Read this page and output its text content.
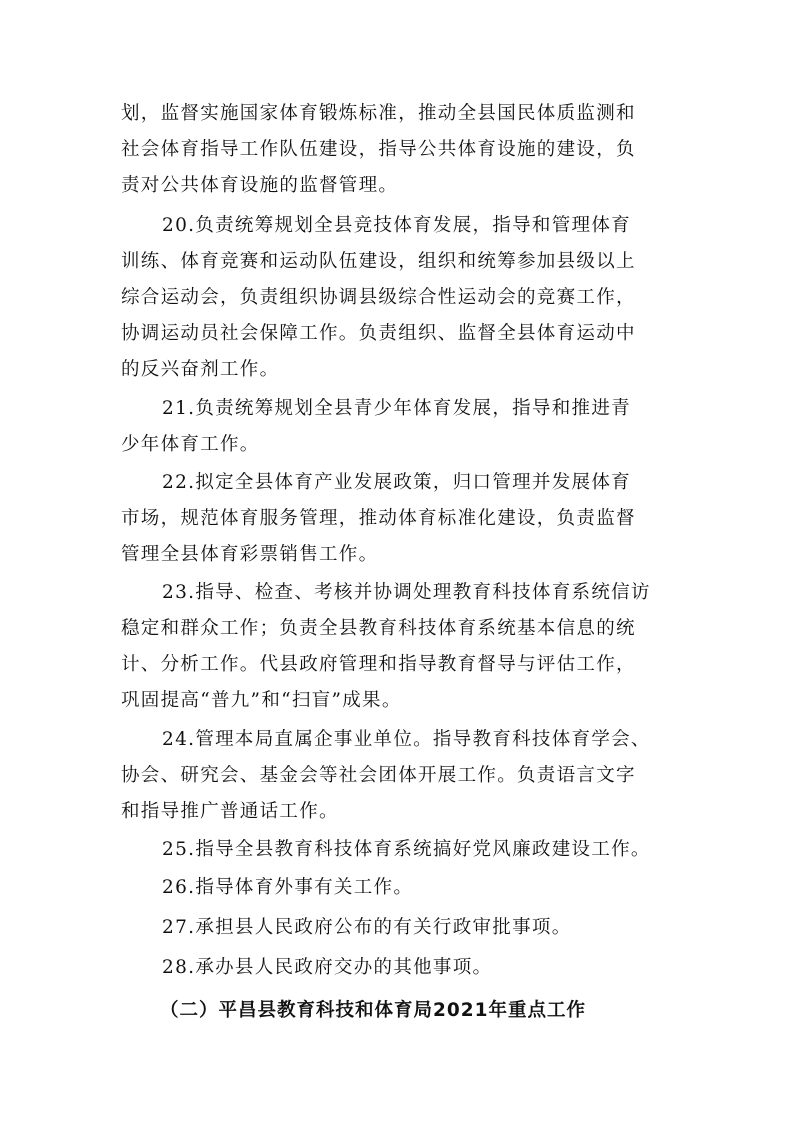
划，监督实施国家体育锻炼标准，推动全县国民体质监测和
社会体育指导工作队伍建设，指导公共体育设施的建设，负
责对公共体育设施的监督管理。
20.负责统筹规划全县竞技体育发展，指导和管理体育
训练、体育竞赛和运动队伍建设，组织和统筹参加县级以上
综合运动会，负责组织协调县级综合性运动会的竞赛工作，
协调运动员社会保障工作。负责组织、监督全县体育运动中
的反兴奋剂工作。
21.负责统筹规划全县青少年体育发展，指导和推进青
少年体育工作。
22.拟定全县体育产业发展政策，归口管理并发展体育
市场，规范体育服务管理，推动体育标准化建设，负责监督
管理全县体育彩票销售工作。
23.指导、检查、考核并协调处理教育科技体育系统信访
稳定和群众工作；负责全县教育科技体育系统基本信息的统
计、分析工作。代县政府管理和指导教育督导与评估工作，
巩固提高“普九”和“扫盲”成果。
24.管理本局直属企事业单位。指导教育科技体育学会、
协会、研究会、基金会等社会团体开展工作。负责语言文字
和指导推广普通话工作。
25.指导全县教育科技体育系统搞好党风廉政建设工作。
26.指导体育外事有关工作。
27.承担县人民政府公布的有关行政审批事项。
28.承办县人民政府交办的其他事项。
（二）平昌县教育科技和体育局2021年重点工作
